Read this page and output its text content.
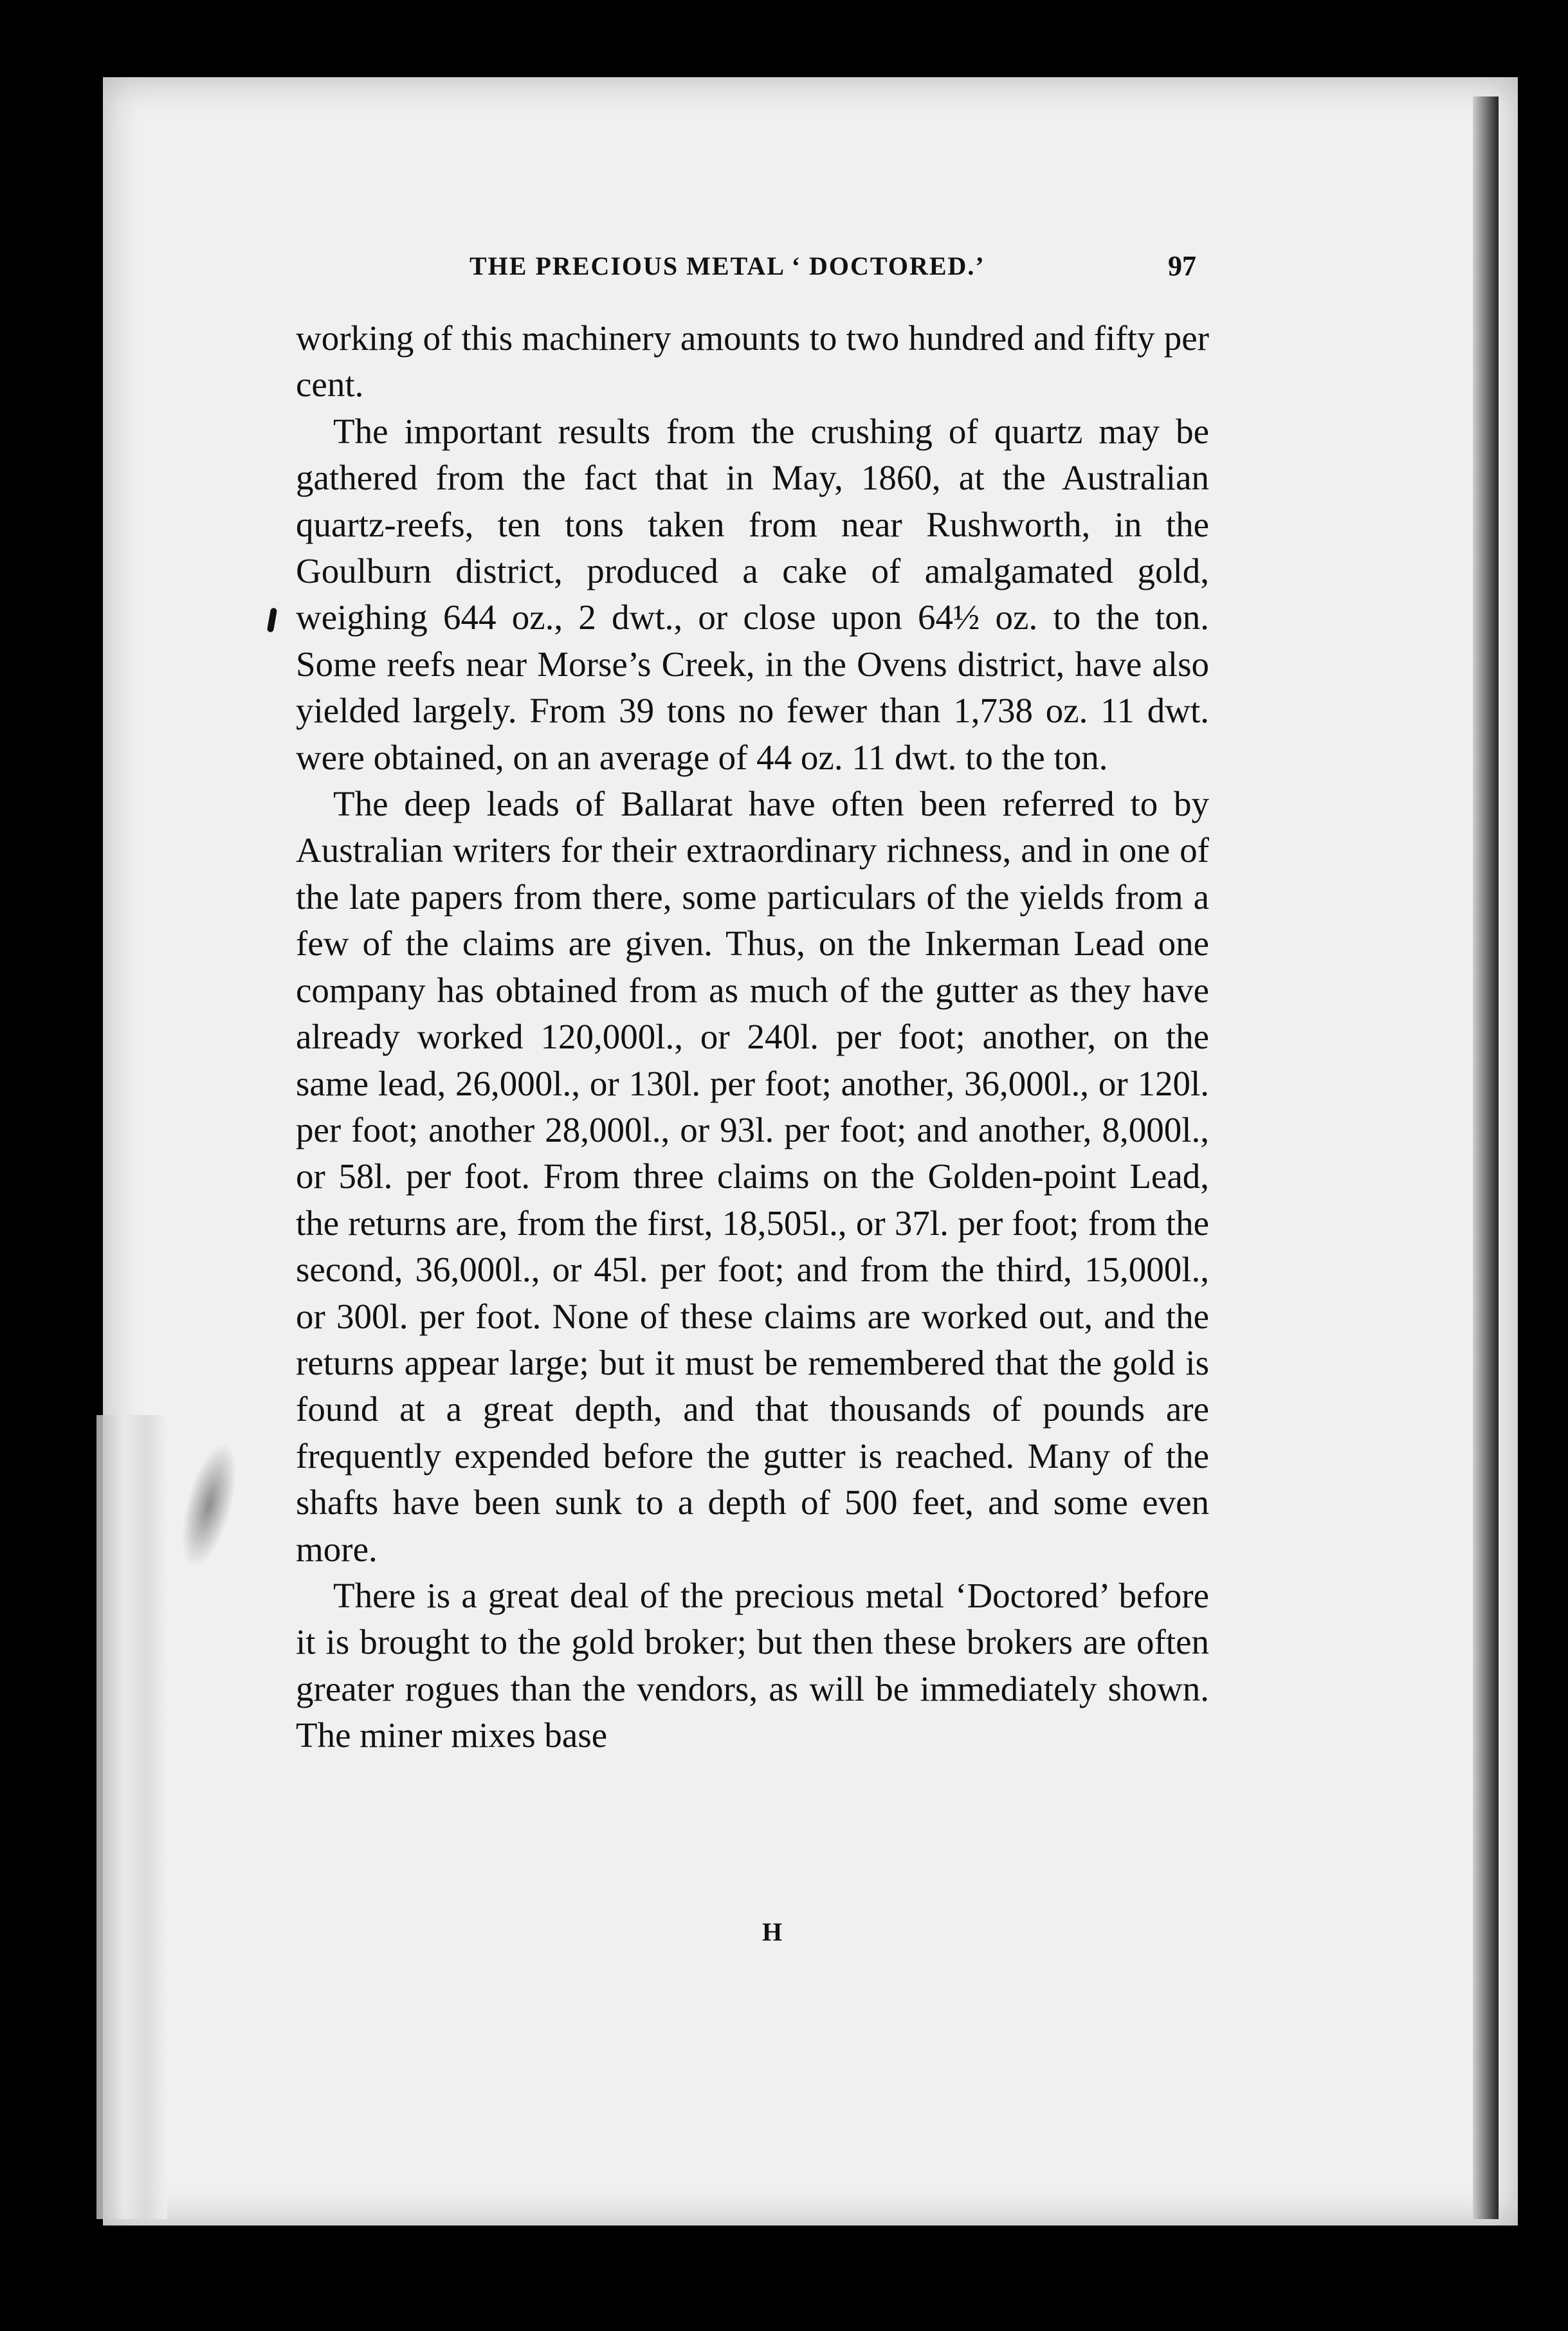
THE PRECIOUS METAL ‘ DOCTORED.’	97

working of this machinery amounts to two hundred and fifty per cent.

The important results from the crushing of quartz may be gathered from the fact that in May, 1860, at the Australian quartz-reefs, ten tons taken from near Rushworth, in the Goulburn district, produced a cake of amalgamated gold, weighing 644 oz., 2 dwt., or close upon 64½ oz. to the ton. Some reefs near Morse’s Creek, in the Ovens district, have also yielded largely. From 39 tons no fewer than 1,738 oz. 11 dwt. were obtained, on an average of 44 oz. 11 dwt. to the ton.

The deep leads of Ballarat have often been referred to by Australian writers for their extraordinary richness, and in one of the late papers from there, some particulars of the yields from a few of the claims are given. Thus, on the Inkerman Lead one company has obtained from as much of the gutter as they have already worked 120,000l., or 240l. per foot; another, on the same lead, 26,000l., or 130l. per foot; another, 36,000l., or 120l. per foot; another 28,000l., or 93l. per foot; and another, 8,000l., or 58l. per foot. From three claims on the Golden-point Lead, the returns are, from the first, 18,505l., or 37l. per foot; from the second, 36,000l., or 45l. per foot; and from the third, 15,000l., or 300l. per foot. None of these claims are worked out, and the returns appear large; but it must be remembered that the gold is found at a great depth, and that thousands of pounds are frequently expended before the gutter is reached. Many of the shafts have been sunk to a depth of 500 feet, and some even more.

There is a great deal of the precious metal ‘Doctored’ before it is brought to the gold broker; but then these brokers are often greater rogues than the vendors, as will be immediately shown. The miner mixes base

H
